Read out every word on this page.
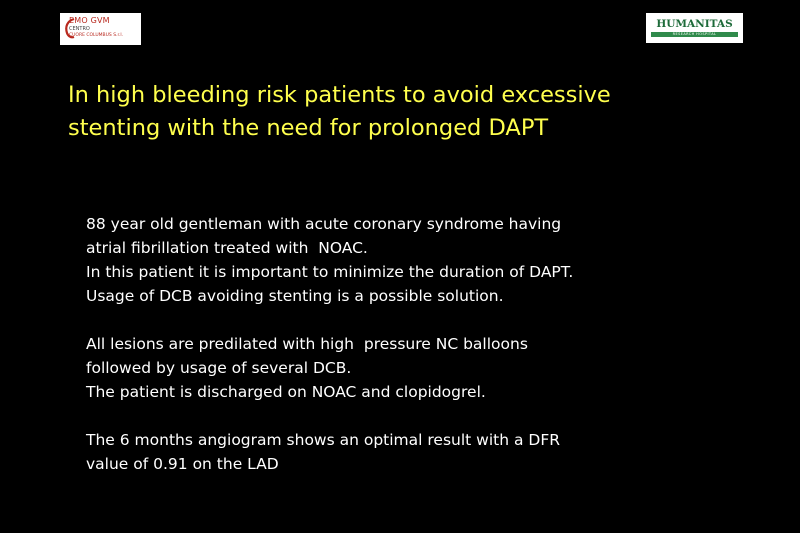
EMO GVM
CENTRO
CUORE COLUMBUS S.r.l.
HUMANITAS
RESEARCH HOSPITAL
In high bleeding risk patients to avoid excessive
stenting with the need for prolonged DAPT
88 year old gentleman with acute coronary syndrome having
atrial fibrillation treated with  NOAC.
In this patient it is important to minimize the duration of DAPT.
Usage of DCB avoiding stenting is a possible solution.
All lesions are predilated with high  pressure NC balloons
followed by usage of several DCB.
The patient is discharged on NOAC and clopidogrel.
The 6 months angiogram shows an optimal result with a DFR
value of 0.91 on the LAD
